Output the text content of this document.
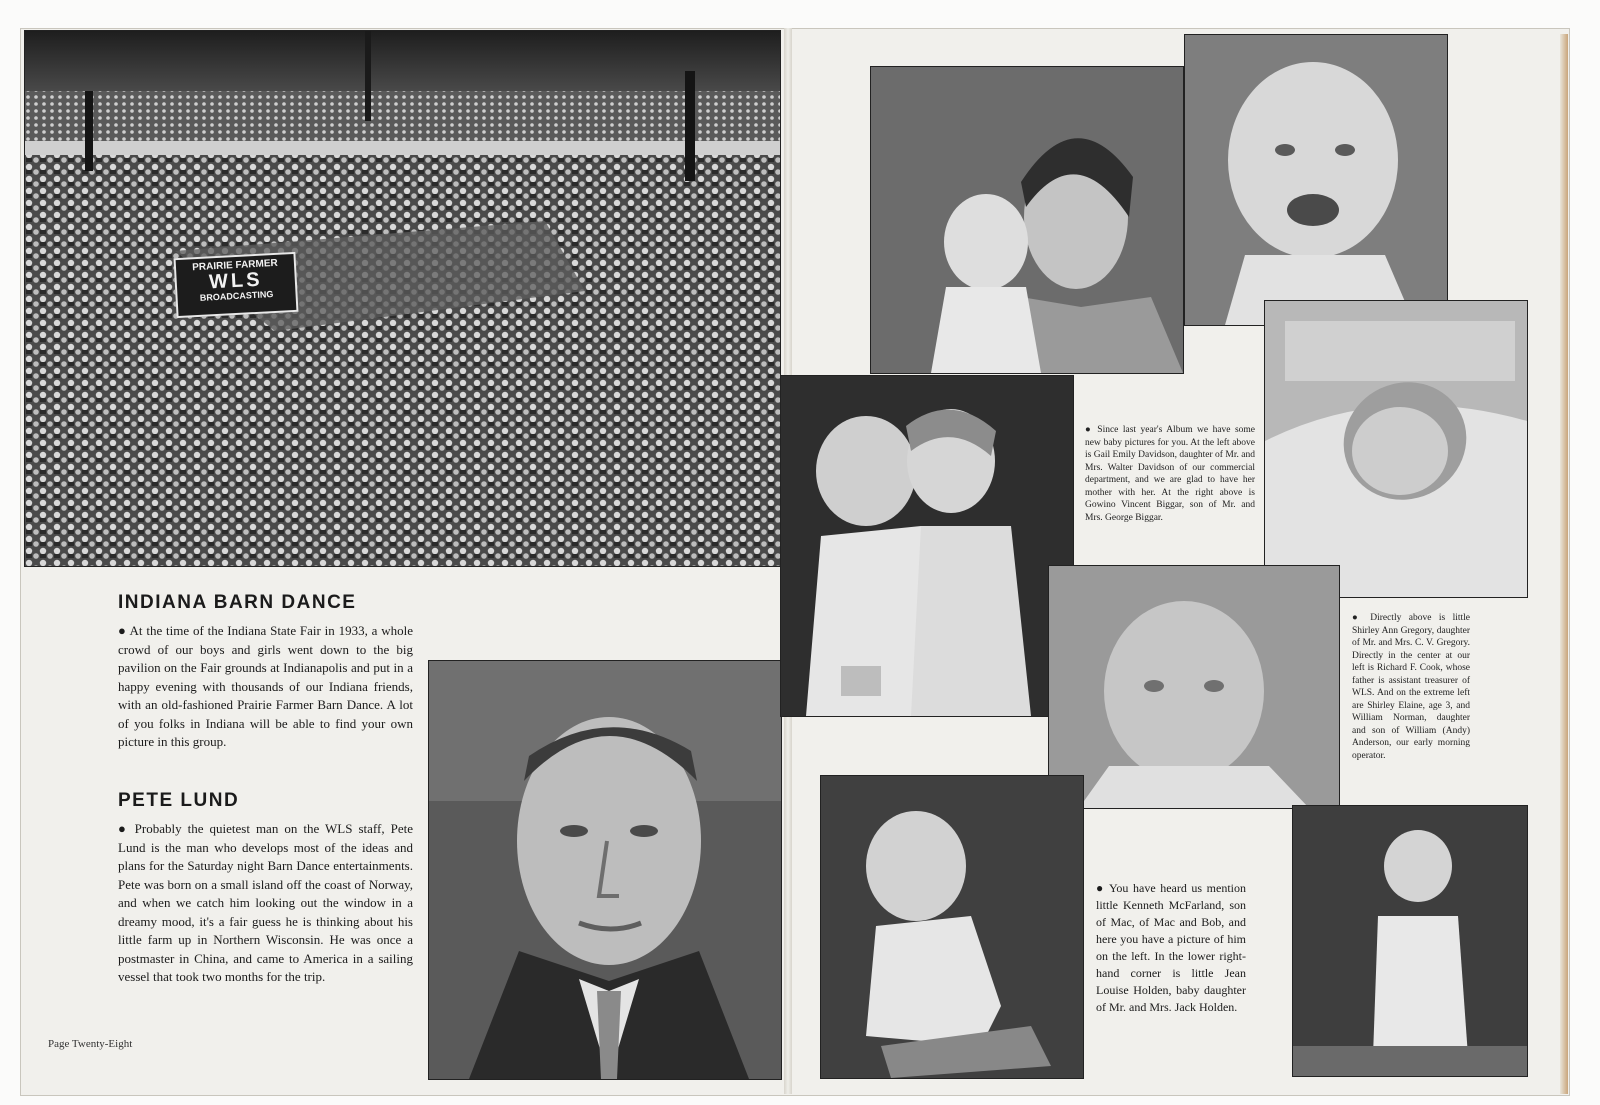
PRAIRIE FARMER
WLS
BROADCASTING
INDIANA BARN DANCE

● At the time of the Indiana State Fair in 1933, a whole crowd of our boys and girls went down to the big pavilion on the Fair grounds at Indianapolis and put in a happy evening with thousands of our Indiana friends, with an old-fashioned Prairie Farmer Barn Dance. A lot of you folks in Indiana will be able to find your own picture in this group.

PETE LUND

● Probably the quietest man on the WLS staff, Pete Lund is the man who develops most of the ideas and plans for the Saturday night Barn Dance entertainments. Pete was born on a small island off the coast of Norway, and when we catch him looking out the window in a dreamy mood, it's a fair guess he is thinking about his little farm up in Northern Wisconsin. He was once a postmaster in China, and came to America in a sailing vessel that took two months for the trip.

Page Twenty-Eight

● Since last year's Album we have some new baby pictures for you. At the left above is Gail Emily Davidson, daughter of Mr. and Mrs. Walter Davidson of our commercial department, and we are glad to have her mother with her. At the right above is Gowino Vincent Biggar, son of Mr. and Mrs. George Biggar.

● Directly above is little Shirley Ann Gregory, daughter of Mr. and Mrs. C. V. Gregory. Directly in the center at our left is Richard F. Cook, whose father is assistant treasurer of WLS. And on the extreme left are Shirley Elaine, age 3, and William Norman, daughter and son of William (Andy) Anderson, our early morning operator.

● You have heard us mention little Kenneth McFarland, son of Mac, of Mac and Bob, and here you have a picture of him on the left. In the lower right-hand corner is little Jean Louise Holden, baby daughter of Mr. and Mrs. Jack Holden.
